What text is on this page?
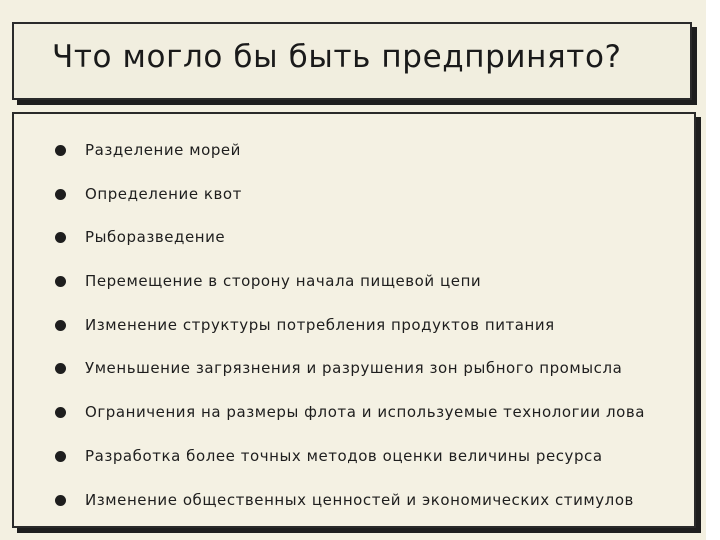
Что могло бы быть предпринято?
Разделение морей
Определение квот
Рыборазведение
Перемещение в сторону начала пищевой цепи
Изменение структуры потребления продуктов питания
Уменьшение загрязнения и разрушения зон рыбного промысла
Ограничения на размеры флота и используемые технологии лова
Разработка более точных методов оценки величины ресурса
Изменение общественных ценностей и экономических стимулов
